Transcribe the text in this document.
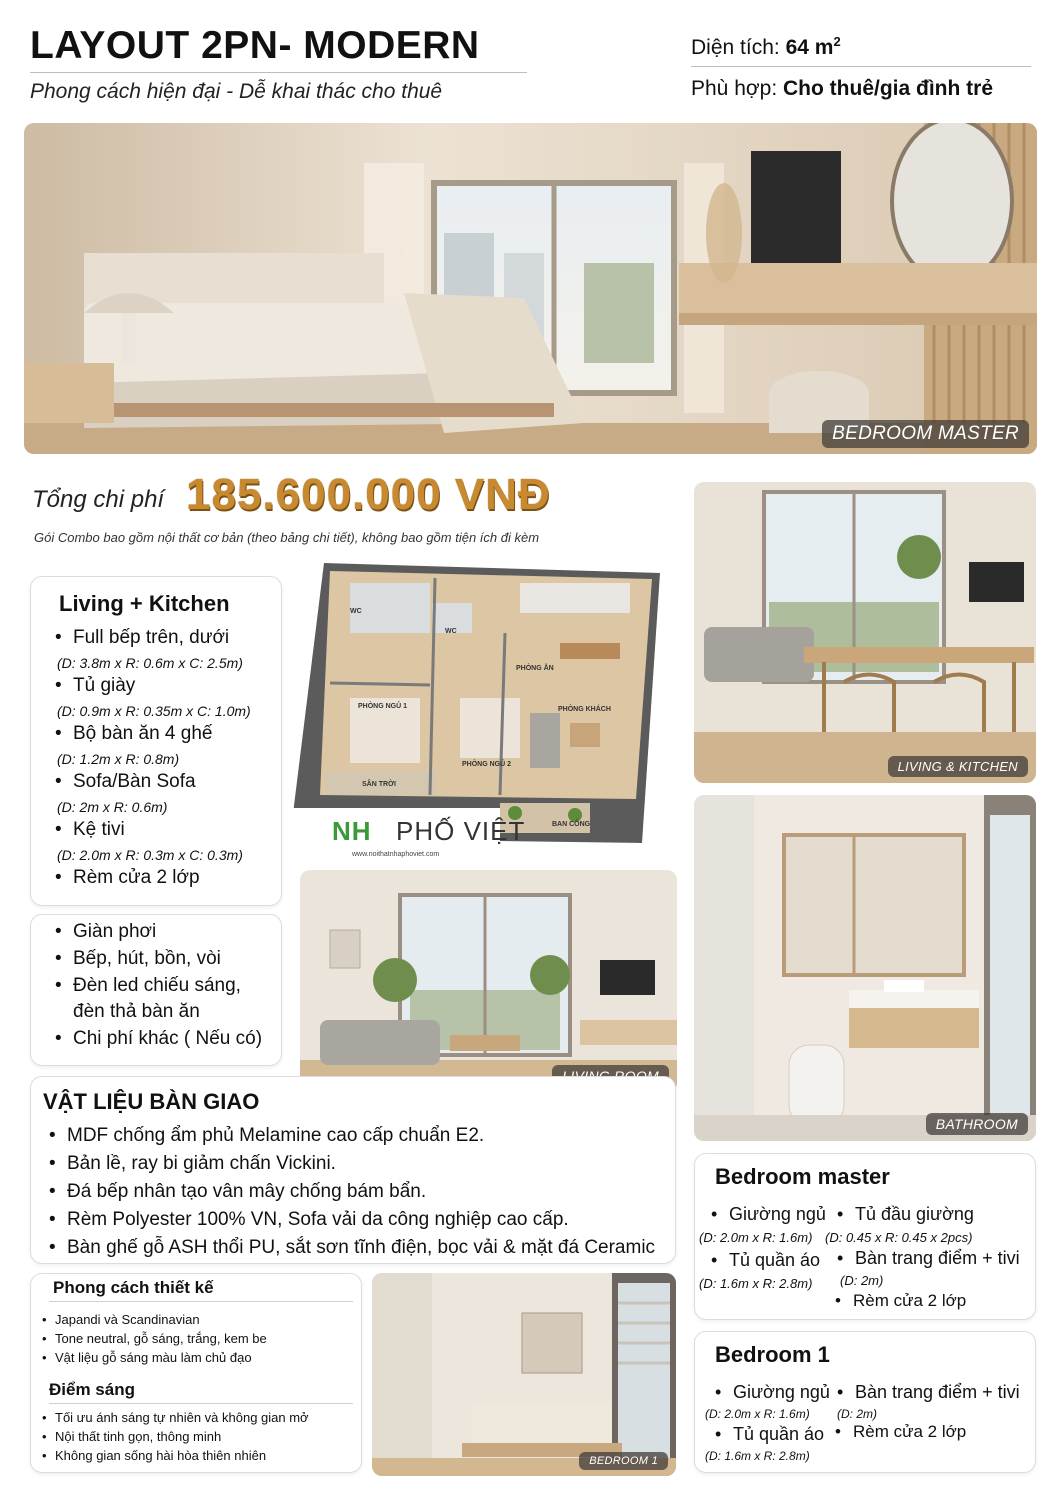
LAYOUT 2PN- MODERN
Phong cách hiện đại - Dễ khai thác cho thuê
Diện tích: 64 $m^2$
Phù hợp: Cho thuê/gia đình trẻ
BEDROOM MASTER
Tổng chi phí 185.600.000 VNĐ
Gói Combo bao gồm nội thất cơ bản (theo bảng chi tiết), không bao gồm tiện ích đi kèm
Living + Kitchen
• Full bếp trên, dưới
(D: 3.8m x R: 0.6m x C: 2.5m)
• Tủ giày
(D: 0.9m x R: 0.35m x C: 1.0m)
• Bộ bàn ăn 4 ghế
(D: 1.2m x R: 0.8m)
• Sofa/Bàn Sofa
(D: 2m x R: 0.6m)
• Kệ tivi
(D: 2.0m x R: 0.3m x C: 0.3m)
• Rèm cửa 2 lớp
• Giàn phơi
• Bếp, hút, bồn, vòi
• Đèn led chiếu sáng,
đèn thả bàn ăn
• Chi phí khác ( Nếu có)
WC
WC
PHÒNG ĂN
PHÒNG KHÁCH
PHÒNG NGỦ 1
PHÒNG NGỦ 2
SÂN TRỜI
BAN CÔNG
NH PHỐ VIỆT
www.noithatnhaphoviet.com
LIVING & KITCHEN
BATHROOM
VẬT LIỆU BÀN GIAO
• MDF chống ẩm phủ Melamine cao cấp chuẩn E2.
• Bản lề, ray bi giảm chấn Vickini.
• Đá bếp nhân tạo vân mây chống bám bẩn.
• Rèm Polyester 100% VN, Sofa vải da công nghiệp cao cấp.
• Bàn ghế gỗ ASH thổi PU, sắt sơn tĩnh điện, bọc vải & mặt đá Ceramic
Phong cách thiết kế
• Japandi và Scandinavian
• Tone neutral, gỗ sáng, trắng, kem be
• Vật liệu gỗ sáng màu làm chủ đạo
Điểm sáng
• Tối ưu ánh sáng tự nhiên và không gian mở
• Nội thất tinh gọn, thông minh
• Không gian sống hài hòa thiên nhiên	BEDROOM 1
Bedroom master
• Giường ngủ
(D: 2.0m x R: 1.6m)
• Tủ đầu giường
(D: 0.45 x R: 0.45 x 2pcs)
• Tủ quần áo
(D: 1.6m x R: 2.8m)
• Bàn trang điểm + tivi
(D: 2m)
• Rèm cửa 2 lớp
Bedroom 1
• Giường ngủ
(D: 2.0m x R: 1.6m)
• Bàn trang điểm + tivi
(D: 2m)
• Tủ quần áo
(D: 1.6m x R: 2.8m)
• Rèm cửa 2 lớp
